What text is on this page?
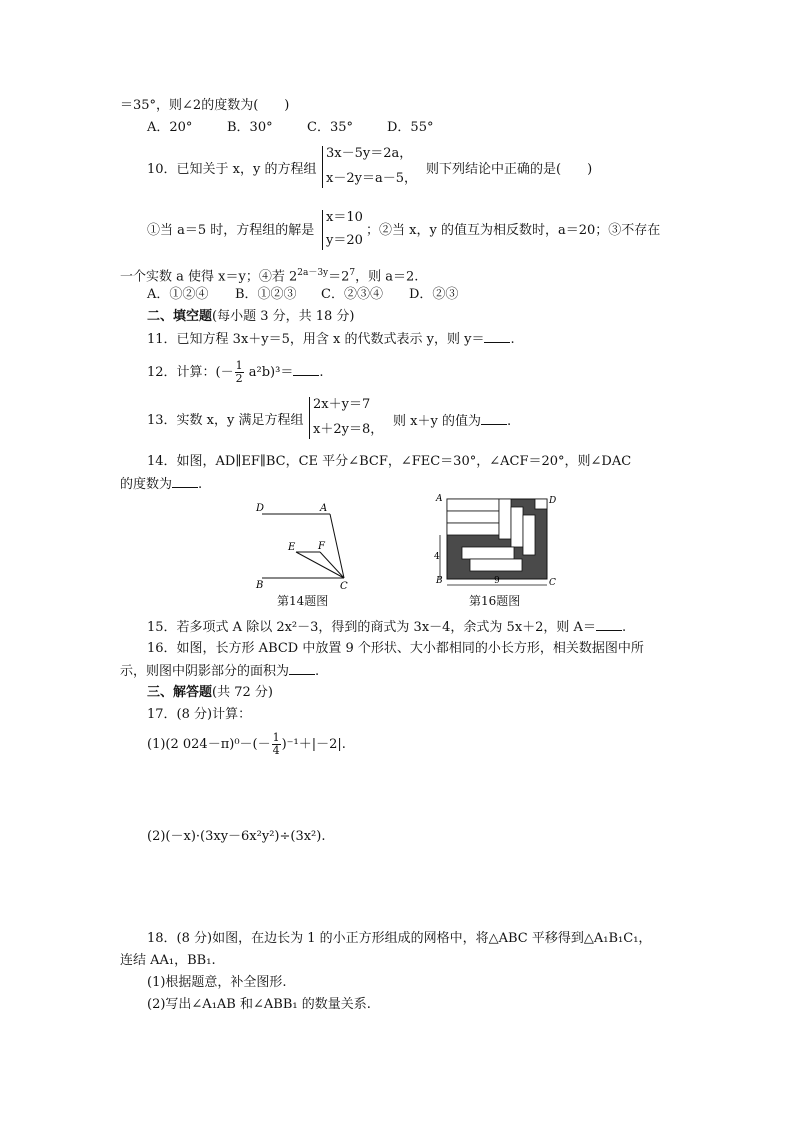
＝35°，则∠2的度数为(　　)
A．20°	B．30°	C．35°	D．55°
10．已知关于 x，y 的方程组
3x－5y＝2a，
x－2y＝a－5，
则下列结论中正确的是(　　)
①当 a＝5 时，方程组的解是
x＝10
y＝20
；②当 x，y 的值互为相反数时，a＝20；③不存在
一个实数 a 使得 x＝y；④若 $2^{2a-3y}=2^7$，则 a＝2.
A．①②④ B．①②③ C．②③④ D．②③
二、填空题(每小题 3 分，共 18 分)
11．已知方程 3x＋y＝5，用含 x 的代数式表示 y，则 y＝ .
12．计算：(－ $\frac{1}{2} a^2b)^3=$ .
13．实数 x，y 满足方程组
2x＋y＝7
x＋2y＝8，
则 x＋y 的值为 .
14．如图，AD∥EF∥BC，CE 平分∠BCF，∠FEC＝30°，∠ACF＝20°，则∠DAC
的度数为 .
D	A
E F
B	C
第14题图
A	D
B	C
4
9
第16题图
15．若多项式 A 除以 2x²－3，得到的商式为 3x－4，余式为 5x＋2，则 A＝ .
16．如图，长方形 ABCD 中放置 9 个形状、大小都相同的小长方形，相关数据图中所
示，则图中阴影部分的面积为 .
三、解答题(共 72 分)
17．(8 分)计算：
(1)(2 $024-\pi)^0-(- \frac{1}{4} )^{-1}+|-2|$.
(2)(－x)·(3xy－6x²y²)÷(3x²).
18．(8 分)如图，在边长为 1 的小正方形组成的网格中，将△ABC 平移得到△A₁B₁C₁，
连结 AA₁，BB₁.
(1)根据题意，补全图形.
(2)写出∠A₁AB 和∠ABB₁ 的数量关系.
